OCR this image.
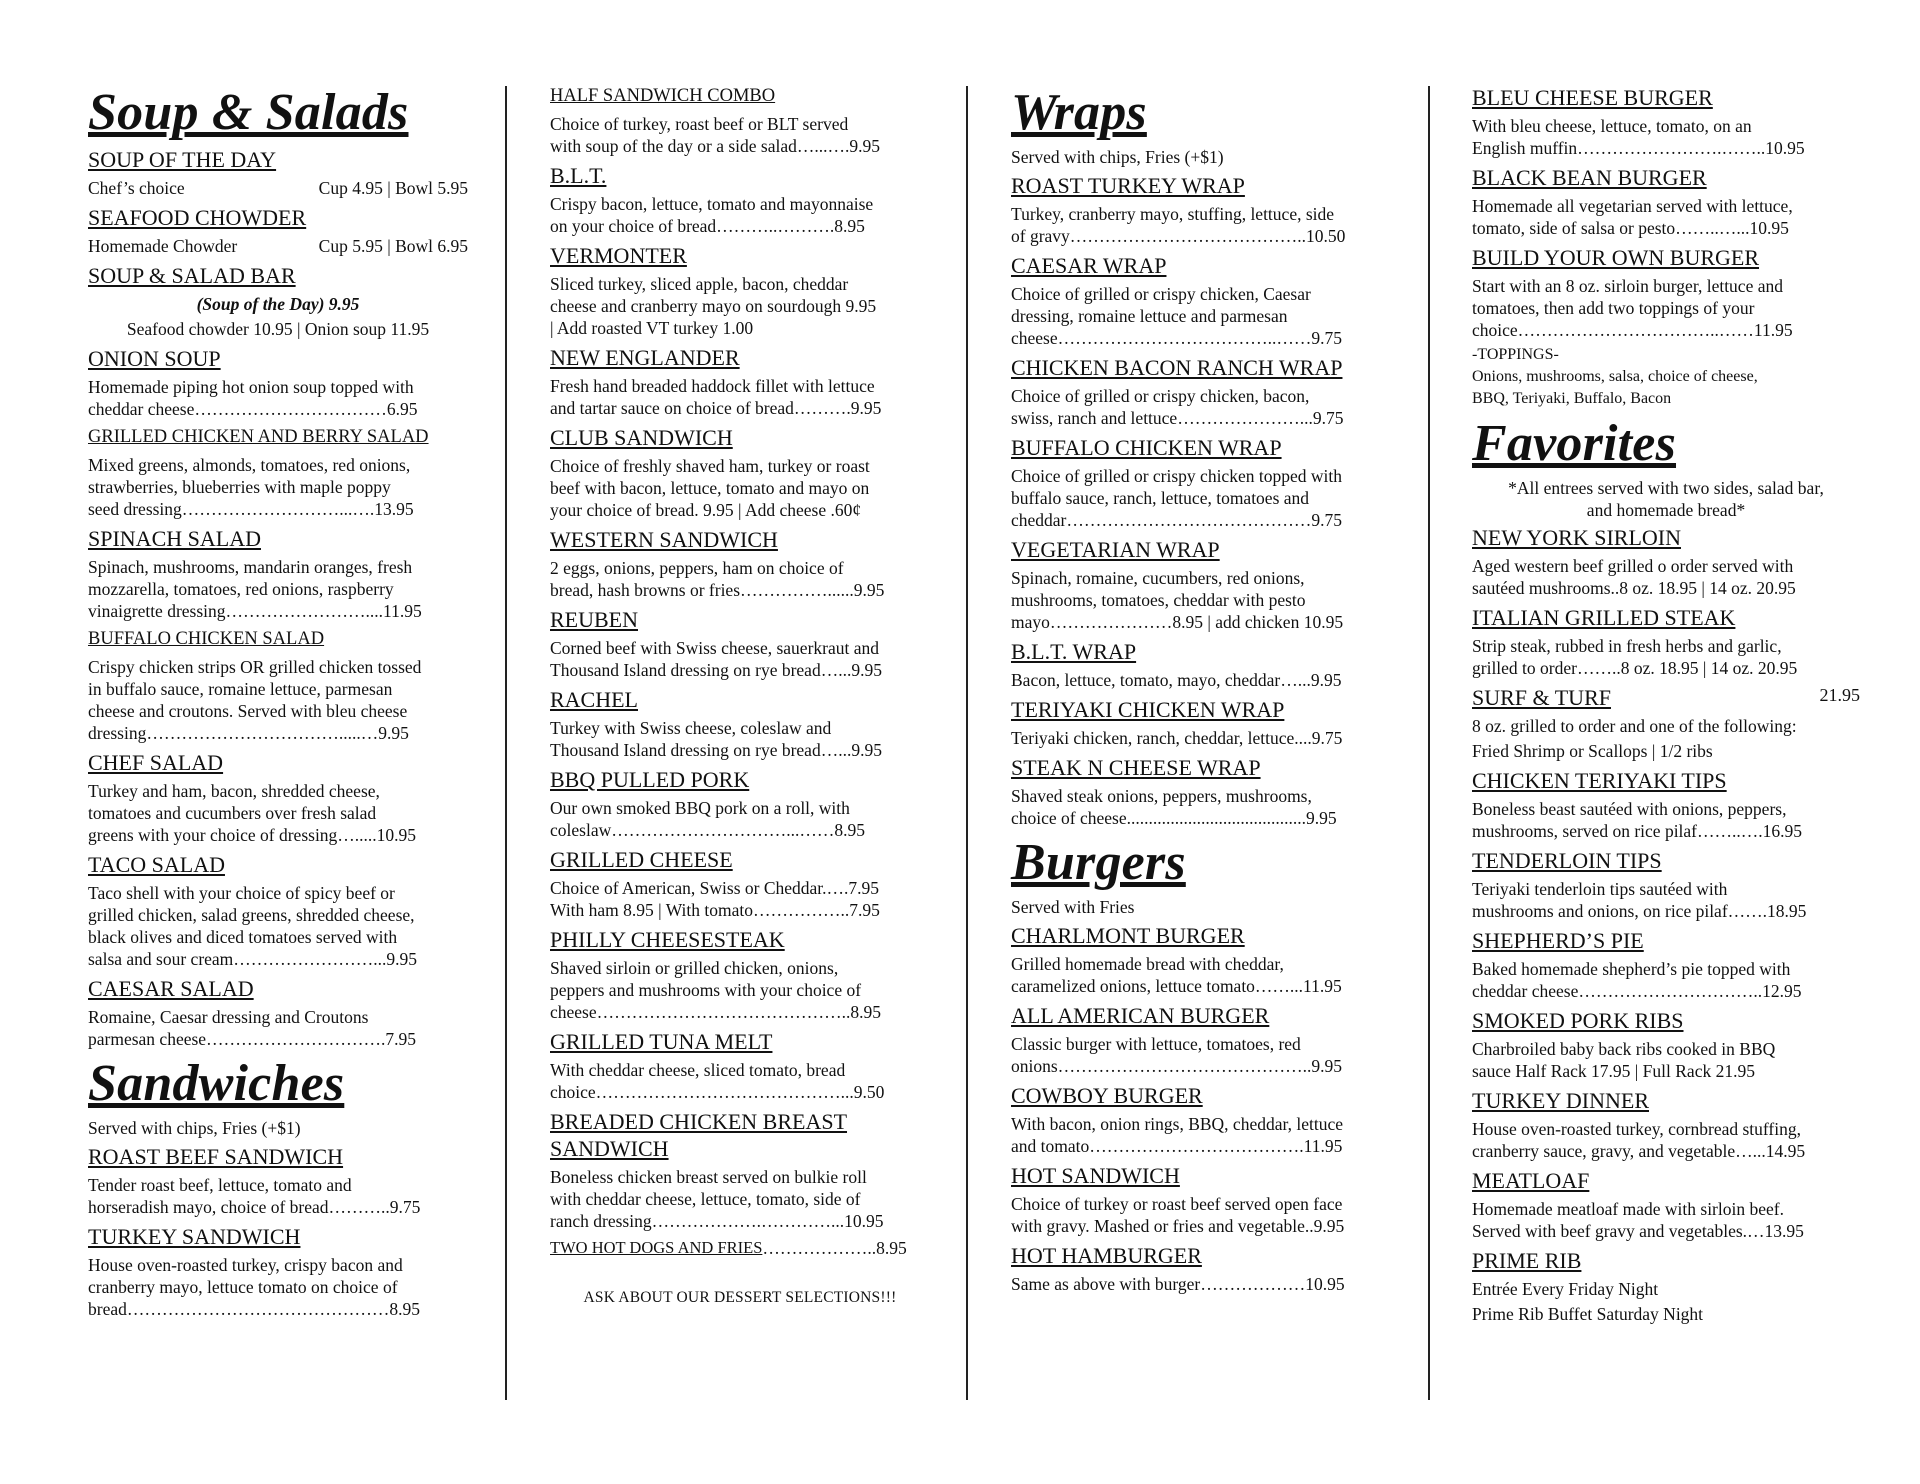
Soup & Salads
SOUP OF THE DAY
Chef’s choice	Cup 4.95 | Bowl 5.95
SEAFOOD CHOWDER
Homemade Chowder	Cup 5.95 | Bowl 6.95
SOUP & SALAD BAR
(Soup of the Day) 9.95
Seafood chowder 10.95 | Onion soup 11.95
ONION SOUP
Homemade piping hot onion soup topped with
cheddar cheese……………………………6.95
GRILLED CHICKEN AND BERRY SALAD
Mixed greens, almonds, tomatoes, red onions,
strawberries, blueberries with maple poppy
seed dressing………………………...….13.95
SPINACH SALAD
Spinach, mushrooms, mandarin oranges, fresh
mozzarella, tomatoes, red onions, raspberry
vinaigrette dressing……………………....11.95
BUFFALO CHICKEN SALAD
Crispy chicken strips OR grilled chicken tossed
in buffalo sauce, romaine lettuce, parmesan
cheese and croutons. Served with bleu cheese
dressing…………………………….....…9.95
CHEF SALAD
Turkey and ham, bacon, shredded cheese,
tomatoes and cucumbers over fresh salad
greens with your choice of dressing….....10.95
TACO SALAD
Taco shell with your choice of spicy beef or
grilled chicken, salad greens, shredded cheese,
black olives and diced tomatoes served with
salsa and sour cream……………………...9.95
CAESAR SALAD
Romaine, Caesar dressing and Croutons
parmesan cheese………………………….7.95
Sandwiches
Served with chips, Fries (+$1)
ROAST BEEF SANDWICH
Tender roast beef, lettuce, tomato and
horseradish mayo, choice of bread………..9.75
TURKEY SANDWICH
House oven-roasted turkey, crispy bacon and
cranberry mayo, lettuce tomato on choice of
bread………………………………………8.95
HALF SANDWICH COMBO
Choice of turkey, roast beef or BLT served
with soup of the day or a side salad…...….9.95
B.L.T.
Crispy bacon, lettuce, tomato and mayonnaise
on your choice of bread………..……….8.95
VERMONTER
Sliced turkey, sliced apple, bacon, cheddar
cheese and cranberry mayo on sourdough 9.95
| Add roasted VT turkey 1.00
NEW ENGLANDER
Fresh hand breaded haddock fillet with lettuce
and tartar sauce on choice of bread……….9.95
CLUB SANDWICH
Choice of freshly shaved ham, turkey or roast
beef with bacon, lettuce, tomato and mayo on
your choice of bread. 9.95 | Add cheese .60¢
WESTERN SANDWICH
2 eggs, onions, peppers, ham on choice of
bread, hash browns or fries……………......9.95
REUBEN
Corned beef with Swiss cheese, sauerkraut and
Thousand Island dressing on rye bread…...9.95
RACHEL
Turkey with Swiss cheese, coleslaw and
Thousand Island dressing on rye bread…...9.95
BBQ PULLED PORK
Our own smoked BBQ pork on a roll, with
coleslaw…………………………...……8.95
GRILLED CHEESE
Choice of American, Swiss or Cheddar.….7.95
With ham 8.95 | With tomato……………..7.95
PHILLY CHEESESTEAK
Shaved sirloin or grilled chicken, onions,
peppers and mushrooms with your choice of
cheese……………………………………..8.95
GRILLED TUNA MELT
With cheddar cheese, sliced tomato, bread
choice……………………………………...9.50
BREADED CHICKEN BREAST
SANDWICH
Boneless chicken breast served on bulkie roll
with cheddar cheese, lettuce, tomato, side of
ranch dressing……………….…………...10.95
TWO HOT DOGS AND FRIES ………………..8.95
ASK ABOUT OUR DESSERT SELECTIONS!!!
Wraps
Served with chips, Fries (+$1)
ROAST TURKEY WRAP
Turkey, cranberry mayo, stuffing, lettuce, side
of gravy…………………………………..10.50
CAESAR WRAP
Choice of grilled or crispy chicken, Caesar
dressing, romaine lettuce and parmesan
cheese………………………………..……9.75
CHICKEN BACON RANCH WRAP
Choice of grilled or crispy chicken, bacon,
swiss, ranch and lettuce…………………...9.75
BUFFALO CHICKEN WRAP
Choice of grilled or crispy chicken topped with
buffalo sauce, ranch, lettuce, tomatoes and
cheddar……………………………………9.75
VEGETARIAN WRAP
Spinach, romaine, cucumbers, red onions,
mushrooms, tomatoes, cheddar with pesto
mayo…………………8.95 | add chicken 10.95
B.L.T. WRAP
Bacon, lettuce, tomato, mayo, cheddar…...9.95
TERIYAKI CHICKEN WRAP
Teriyaki chicken, ranch, cheddar, lettuce....9.75
STEAK N CHEESE WRAP
Shaved steak onions, peppers, mushrooms,
choice of cheese.........................................9.95
Burgers
Served with Fries
CHARLMONT BURGER
Grilled homemade bread with cheddar,
caramelized onions, lettuce tomato……...11.95
ALL AMERICAN BURGER
Classic burger with lettuce, tomatoes, red
onions……………………………………..9.95
COWBOY BURGER
With bacon, onion rings, BBQ, cheddar, lettuce
and tomato……………………………….11.95
HOT SANDWICH
Choice of turkey or roast beef served open face
with gravy. Mashed or fries and vegetable..9.95
HOT HAMBURGER
Same as above with burger………………10.95
BLEU CHEESE BURGER
With bleu cheese, lettuce, tomato, on an
English muffin…………………….……..10.95
BLACK BEAN BURGER
Homemade all vegetarian served with lettuce,
tomato, side of salsa or pesto……..…...10.95
BUILD YOUR OWN BURGER
Start with an 8 oz. sirloin burger, lettuce and
tomatoes, then add two toppings of your
choice……………………………..……11.95
-TOPPINGS-
Onions, mushrooms, salsa, choice of cheese,
BBQ, Teriyaki, Buffalo, Bacon
Favorites
*All entrees served with two sides, salad bar,
and homemade bread*
NEW YORK SIRLOIN
Aged western beef grilled o order served with
sautéed mushrooms..8 oz. 18.95 | 14 oz. 20.95
ITALIAN GRILLED STEAK
Strip steak, rubbed in fresh herbs and garlic,
grilled to order……..8 oz. 18.95 | 14 oz. 20.95
SURF & TURF	21.95
8 oz. grilled to order and one of the following:
Fried Shrimp or Scallops | 1/2 ribs
CHICKEN TERIYAKI TIPS
Boneless beast sautéed with onions, peppers,
mushrooms, served on rice pilaf……..….16.95
TENDERLOIN TIPS
Teriyaki tenderloin tips sautéed with
mushrooms and onions, on rice pilaf…….18.95
SHEPHERD’S PIE
Baked homemade shepherd’s pie topped with
cheddar cheese…………………………..12.95
SMOKED PORK RIBS
Charbroiled baby back ribs cooked in BBQ
sauce Half Rack 17.95 | Full Rack 21.95
TURKEY DINNER
House oven-roasted turkey, cornbread stuffing,
cranberry sauce, gravy, and vegetable…...14.95
MEATLOAF
Homemade meatloaf made with sirloin beef.
Served with beef gravy and vegetables.…13.95
PRIME RIB
Entrée Every Friday Night
Prime Rib Buffet Saturday Night
